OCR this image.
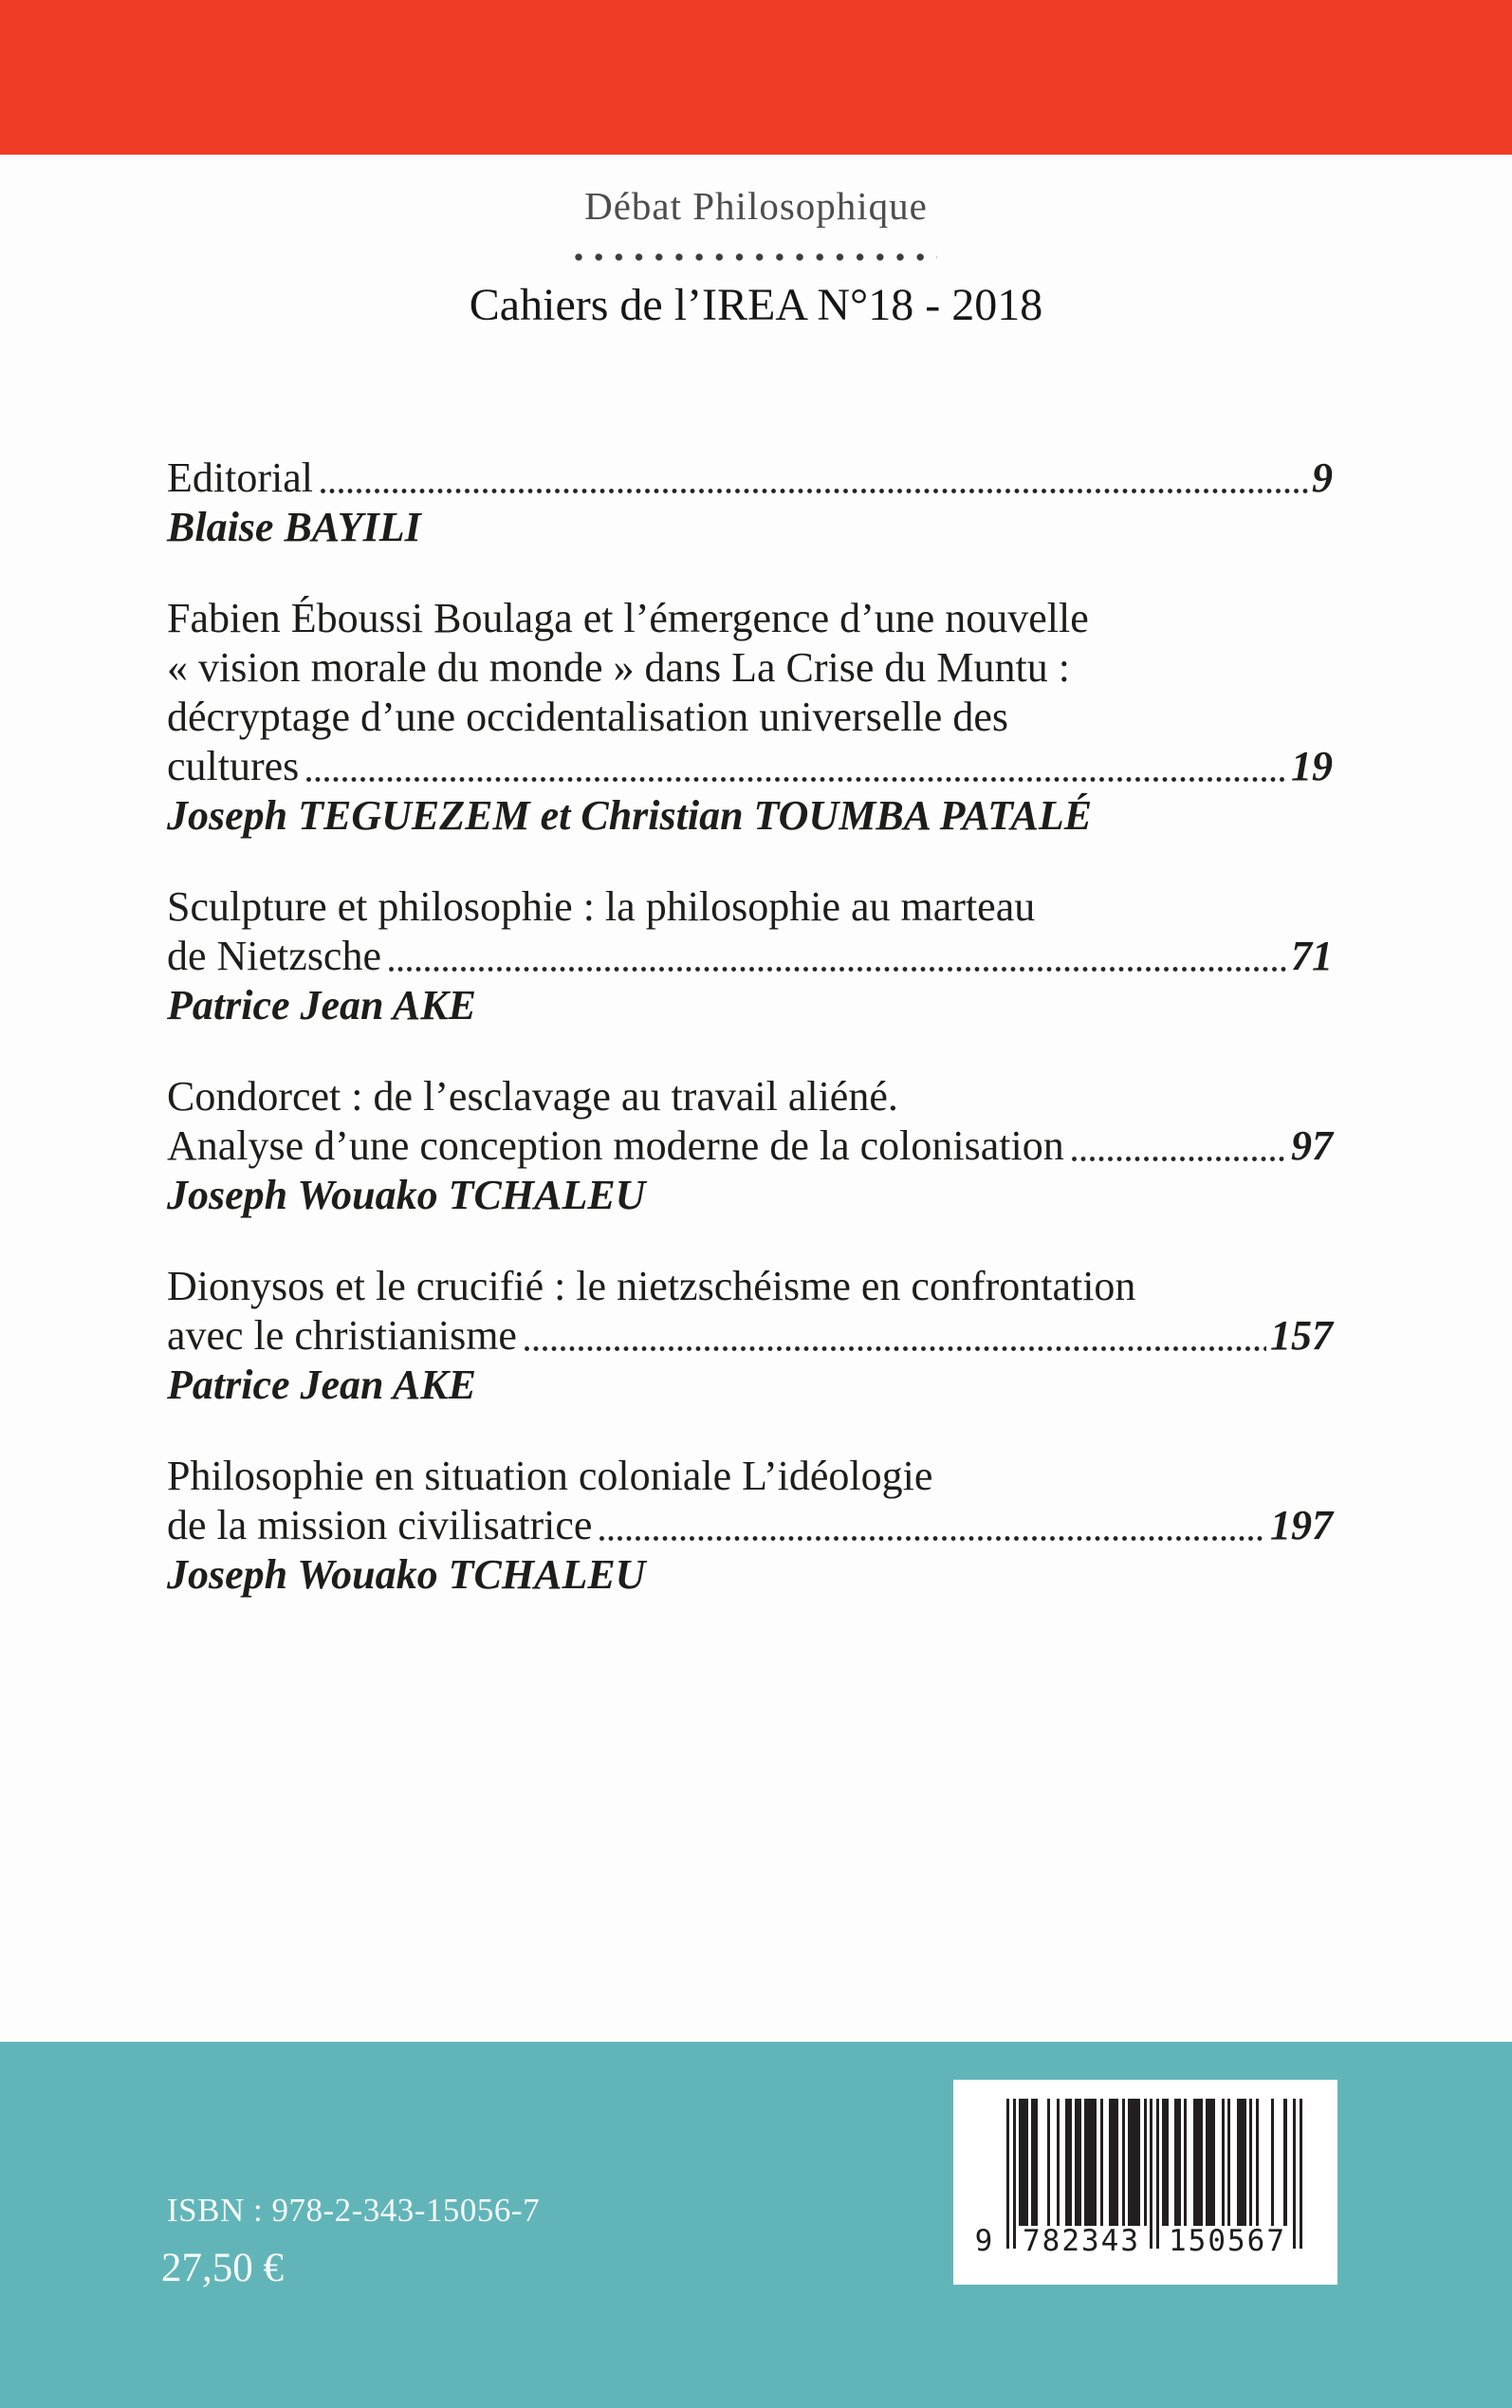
Débat Philosophique
Cahiers de l’IREA N°18 - 2018
Editorial	9
Blaise BAYILI
Fabien Éboussi Boulaga et l’émergence d’une nouvelle
« vision morale du monde » dans La Crise du Muntu :
décryptage d’une occidentalisation universelle des
cultures	19
Joseph TEGUEZEM et Christian TOUMBA PATALÉ
Sculpture et philosophie : la philosophie au marteau
de Nietzsche	71
Patrice Jean AKE
Condorcet : de l’esclavage au travail aliéné.
Analyse d’une conception moderne de la colonisation	97
Joseph Wouako TCHALEU
Dionysos et le crucifié : le nietzschéisme en confrontation
avec le christianisme	157
Patrice Jean AKE
Philosophie en situation coloniale L’idéologie
de la mission civilisatrice	197
Joseph Wouako TCHALEU
ISBN : 978-2-343-15056-7
27,50 €
9	782343 150567
